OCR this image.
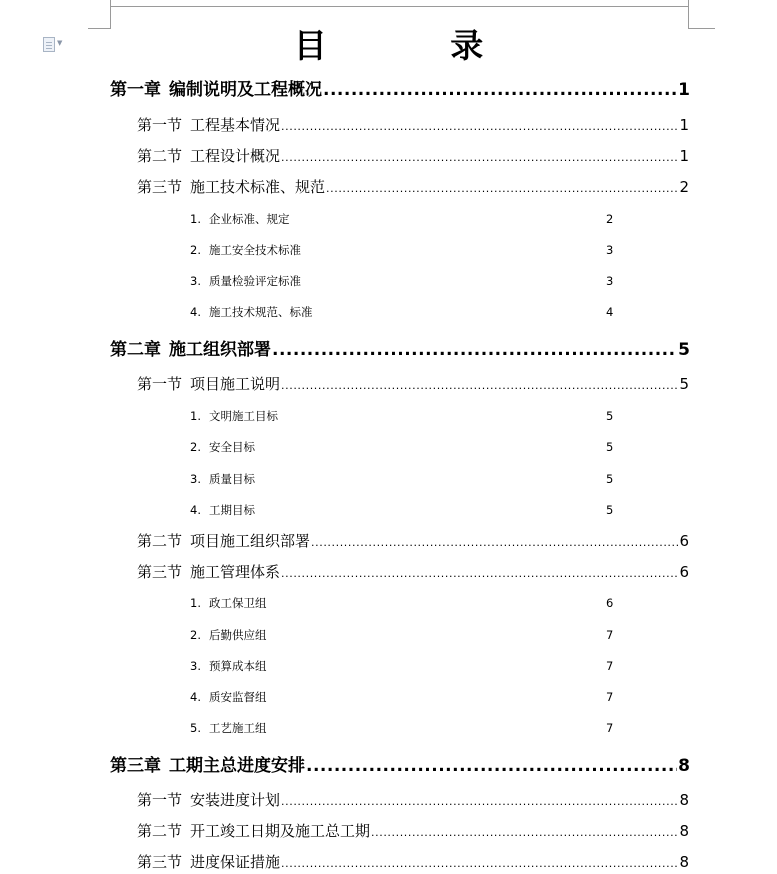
▼	目 录
第一章 编制说明及工程概况 .....	1
第一节 工程基本情况 .....	1
第二节 工程设计概况 .....	1
第三节 施工技术标准、规范 .....	2
1. 企业标准、规定	2
2. 施工安全技术标准	3
3. 质量检验评定标准	3
4. 施工技术规范、标准	4
第二章 施工组织部署 .....	5
第一节 项目施工说明 .....	5
1. 文明施工目标	5
2. 安全目标	5
3. 质量目标	5
4. 工期目标	5
第二节 项目施工组织部署 .....	6
第三节 施工管理体系 .....	6
1. 政工保卫组	6
2. 后勤供应组	7
3. 预算成本组	7
4. 质安监督组	7
5. 工艺施工组	7
第三章 工期主总进度安排 .....	8
第一节 安装进度计划 .....	8
第二节 开工竣工日期及施工总工期 .....	8
第三节 进度保证措施 .....	8
